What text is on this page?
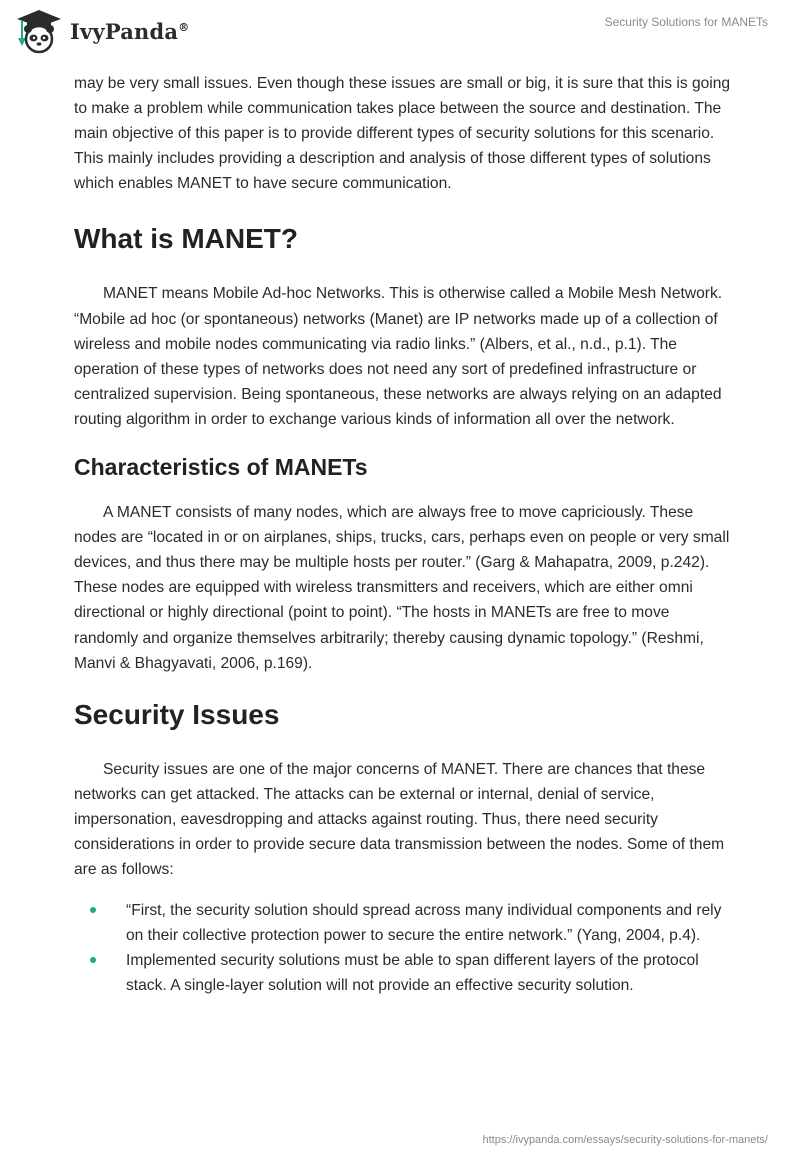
IvyPanda®	Security Solutions for MANETs

may be very small issues. Even though these issues are small or big, it is sure that this is going to make a problem while communication takes place between the source and destination. The main objective of this paper is to provide different types of security solutions for this scenario. This mainly includes providing a description and analysis of those different types of solutions which enables MANET to have secure communication.

What is MANET?

MANET means Mobile Ad-hoc Networks. This is otherwise called a Mobile Mesh Network. “Mobile ad hoc (or spontaneous) networks (Manet) are IP networks made up of a collection of wireless and mobile nodes communicating via radio links.” (Albers, et al., n.d., p.1). The operation of these types of networks does not need any sort of predefined infrastructure or centralized supervision. Being spontaneous, these networks are always relying on an adapted routing algorithm in order to exchange various kinds of information all over the network.

Characteristics of MANETs

A MANET consists of many nodes, which are always free to move capriciously. These nodes are “located in or on airplanes, ships, trucks, cars, perhaps even on people or very small devices, and thus there may be multiple hosts per router.” (Garg & Mahapatra, 2009, p.242). These nodes are equipped with wireless transmitters and receivers, which are either omni directional or highly directional (point to point). “The hosts in MANETs are free to move randomly and organize themselves arbitrarily; thereby causing dynamic topology.” (Reshmi, Manvi & Bhagyavati, 2006, p.169).

Security Issues

Security issues are one of the major concerns of MANET. There are chances that these networks can get attacked. The attacks can be external or internal, denial of service, impersonation, eavesdropping and attacks against routing. Thus, there need security considerations in order to provide secure data transmission between the nodes. Some of them are as follows:

“First, the security solution should spread across many individual components and rely on their collective protection power to secure the entire network.” (Yang, 2004, p.4).
Implemented security solutions must be able to span different layers of the protocol stack. A single-layer solution will not provide an effective security solution.
https://ivypanda.com/essays/security-solutions-for-manets/
